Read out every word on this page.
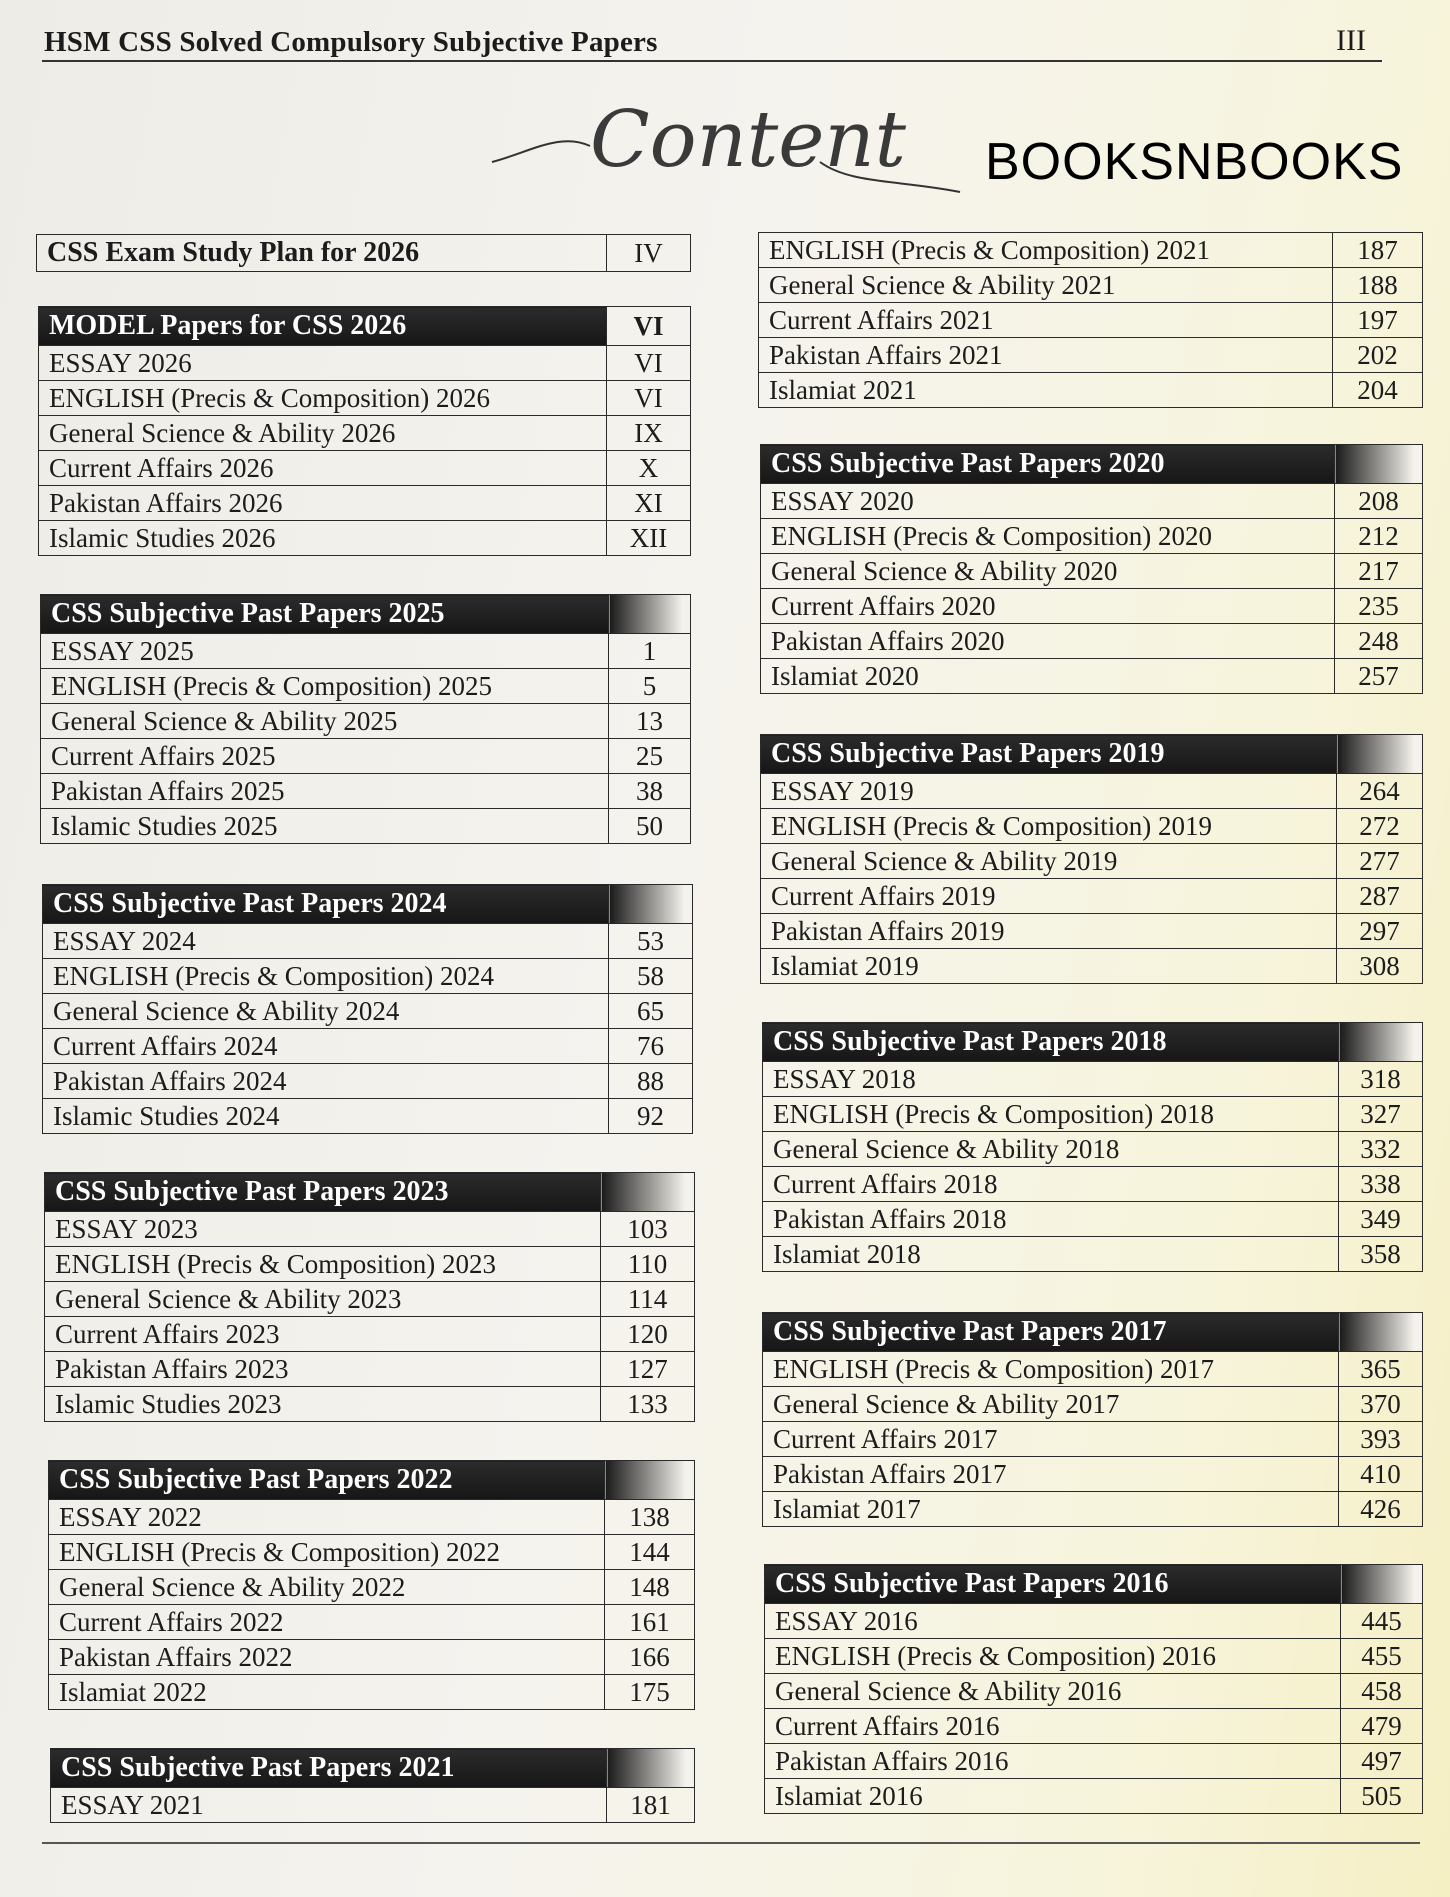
HSM CSS Solved Compulsory Subjective Papers	III
Content BOOKSNBOOKS
CSS Exam Study Plan for 2026	IV
MODEL Papers for CSS 2026	VI
ESSAY 2026	VI
ENGLISH (Precis & Composition) 2026	VI
General Science & Ability 2026	IX
Current Affairs 2026	X
Pakistan Affairs 2026	XI
Islamic Studies 2026	XII
CSS Subjective Past Papers 2025	
ESSAY 2025	1
ENGLISH (Precis & Composition) 2025	5
General Science & Ability 2025	13
Current Affairs 2025	25
Pakistan Affairs 2025	38
Islamic Studies 2025	50
CSS Subjective Past Papers 2024	
ESSAY 2024	53
ENGLISH (Precis & Composition) 2024	58
General Science & Ability 2024	65
Current Affairs 2024	76
Pakistan Affairs 2024	88
Islamic Studies 2024	92
CSS Subjective Past Papers 2023	
ESSAY 2023	103
ENGLISH (Precis & Composition) 2023	110
General Science & Ability 2023	114
Current Affairs 2023	120
Pakistan Affairs 2023	127
Islamic Studies 2023	133
CSS Subjective Past Papers 2022	
ESSAY 2022	138
ENGLISH (Precis & Composition) 2022	144
General Science & Ability 2022	148
Current Affairs 2022	161
Pakistan Affairs 2022	166
Islamiat 2022	175
CSS Subjective Past Papers 2021	
ESSAY 2021	181
ENGLISH (Precis & Composition) 2021	187
General Science & Ability 2021	188
Current Affairs 2021	197
Pakistan Affairs 2021	202
Islamiat 2021	204
CSS Subjective Past Papers 2020	
ESSAY 2020	208
ENGLISH (Precis & Composition) 2020	212
General Science & Ability 2020	217
Current Affairs 2020	235
Pakistan Affairs 2020	248
Islamiat 2020	257
CSS Subjective Past Papers 2019	
ESSAY 2019	264
ENGLISH (Precis & Composition) 2019	272
General Science & Ability 2019	277
Current Affairs 2019	287
Pakistan Affairs 2019	297
Islamiat 2019	308
CSS Subjective Past Papers 2018	
ESSAY 2018	318
ENGLISH (Precis & Composition) 2018	327
General Science & Ability 2018	332
Current Affairs 2018	338
Pakistan Affairs 2018	349
Islamiat 2018	358
CSS Subjective Past Papers 2017	
ENGLISH (Precis & Composition) 2017	365
General Science & Ability 2017	370
Current Affairs 2017	393
Pakistan Affairs 2017	410
Islamiat 2017	426
CSS Subjective Past Papers 2016	
ESSAY 2016	445
ENGLISH (Precis & Composition) 2016	455
General Science & Ability 2016	458
Current Affairs 2016	479
Pakistan Affairs 2016	497
Islamiat 2016	505
